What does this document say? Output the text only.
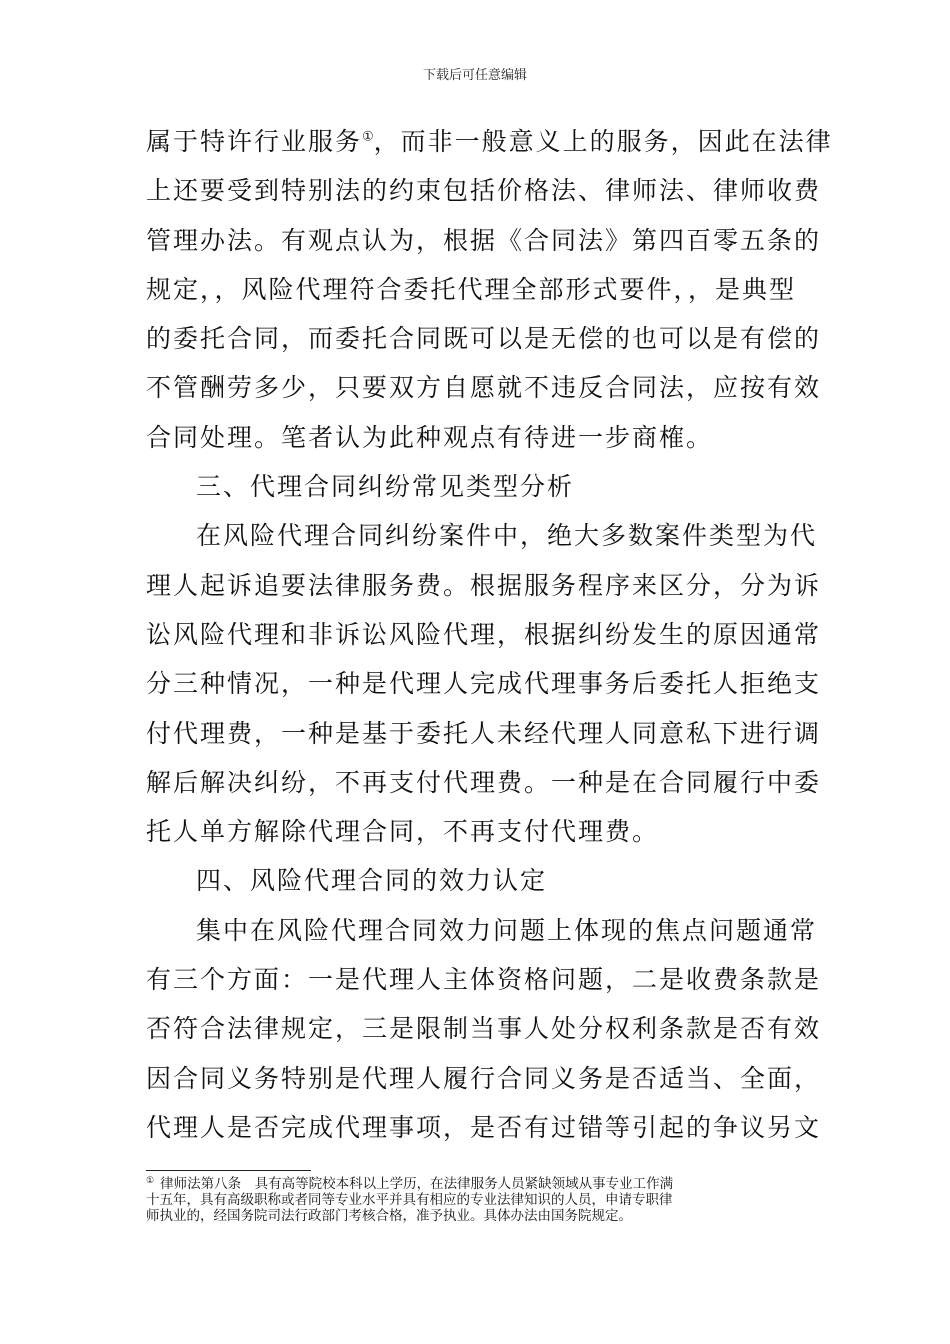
下载后可任意编辑
属于特许行业服务①，而非一般意义上的服务，因此在法律
上还要受到特别法的约束包括价格法、律师法、律师收费
管理办法。有观点认为，根据《合同法》第四百零五条的
规定，，风险代理符合委托代理全部形式要件，，是典型
的委托合同，而委托合同既可以是无偿的也可以是有偿的
不管酬劳多少，只要双方自愿就不违反合同法，应按有效
合同处理。笔者认为此种观点有待进一步商榷。
三、代理合同纠纷常见类型分析
在风险代理合同纠纷案件中，绝大多数案件类型为代
理人起诉追要法律服务费。根据服务程序来区分，分为诉
讼风险代理和非诉讼风险代理，根据纠纷发生的原因通常
分三种情况，一种是代理人完成代理事务后委托人拒绝支
付代理费，一种是基于委托人未经代理人同意私下进行调
解后解决纠纷，不再支付代理费。一种是在合同履行中委
托人单方解除代理合同，不再支付代理费。
四、风险代理合同的效力认定
集中在风险代理合同效力问题上体现的焦点问题通常
有三个方面：一是代理人主体资格问题，二是收费条款是
否符合法律规定，三是限制当事人处分权利条款是否有效
因合同义务特别是代理人履行合同义务是否适当、全面，
代理人是否完成代理事项，是否有过错等引起的争议另文
① 律师法第八条　具有高等院校本科以上学历，在法律服务人员紧缺领域从事专业工作满
十五年，具有高级职称或者同等专业水平并具有相应的专业法律知识的人员，申请专职律
师执业的，经国务院司法行政部门考核合格，准予执业。具体办法由国务院规定。
